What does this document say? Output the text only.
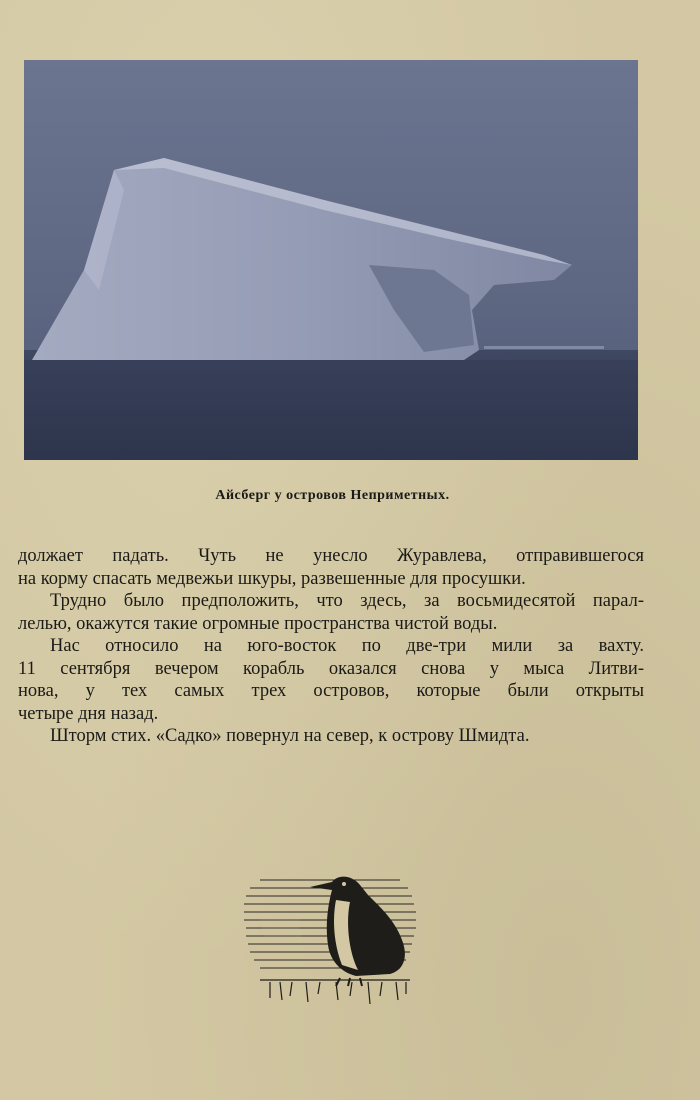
Айсберг у островов Неприметных.
должает падать. Чуть не унесло Журавлева, отправившегося
на корму спасать медвежьи шкуры, развешенные для просушки.
Трудно было предположить, что здесь, за восьмидесятой парал-
лелью, окажутся такие огромные пространства чистой воды.
Нас относило на юго-восток по две-три мили за вахту.
11 сентября вечером корабль оказался снова у мыса Литви-
нова, у тех самых трех островов, которые были открыты
четыре дня назад.
Шторм стих. «Садко» повернул на север, к острову Шмидта.
